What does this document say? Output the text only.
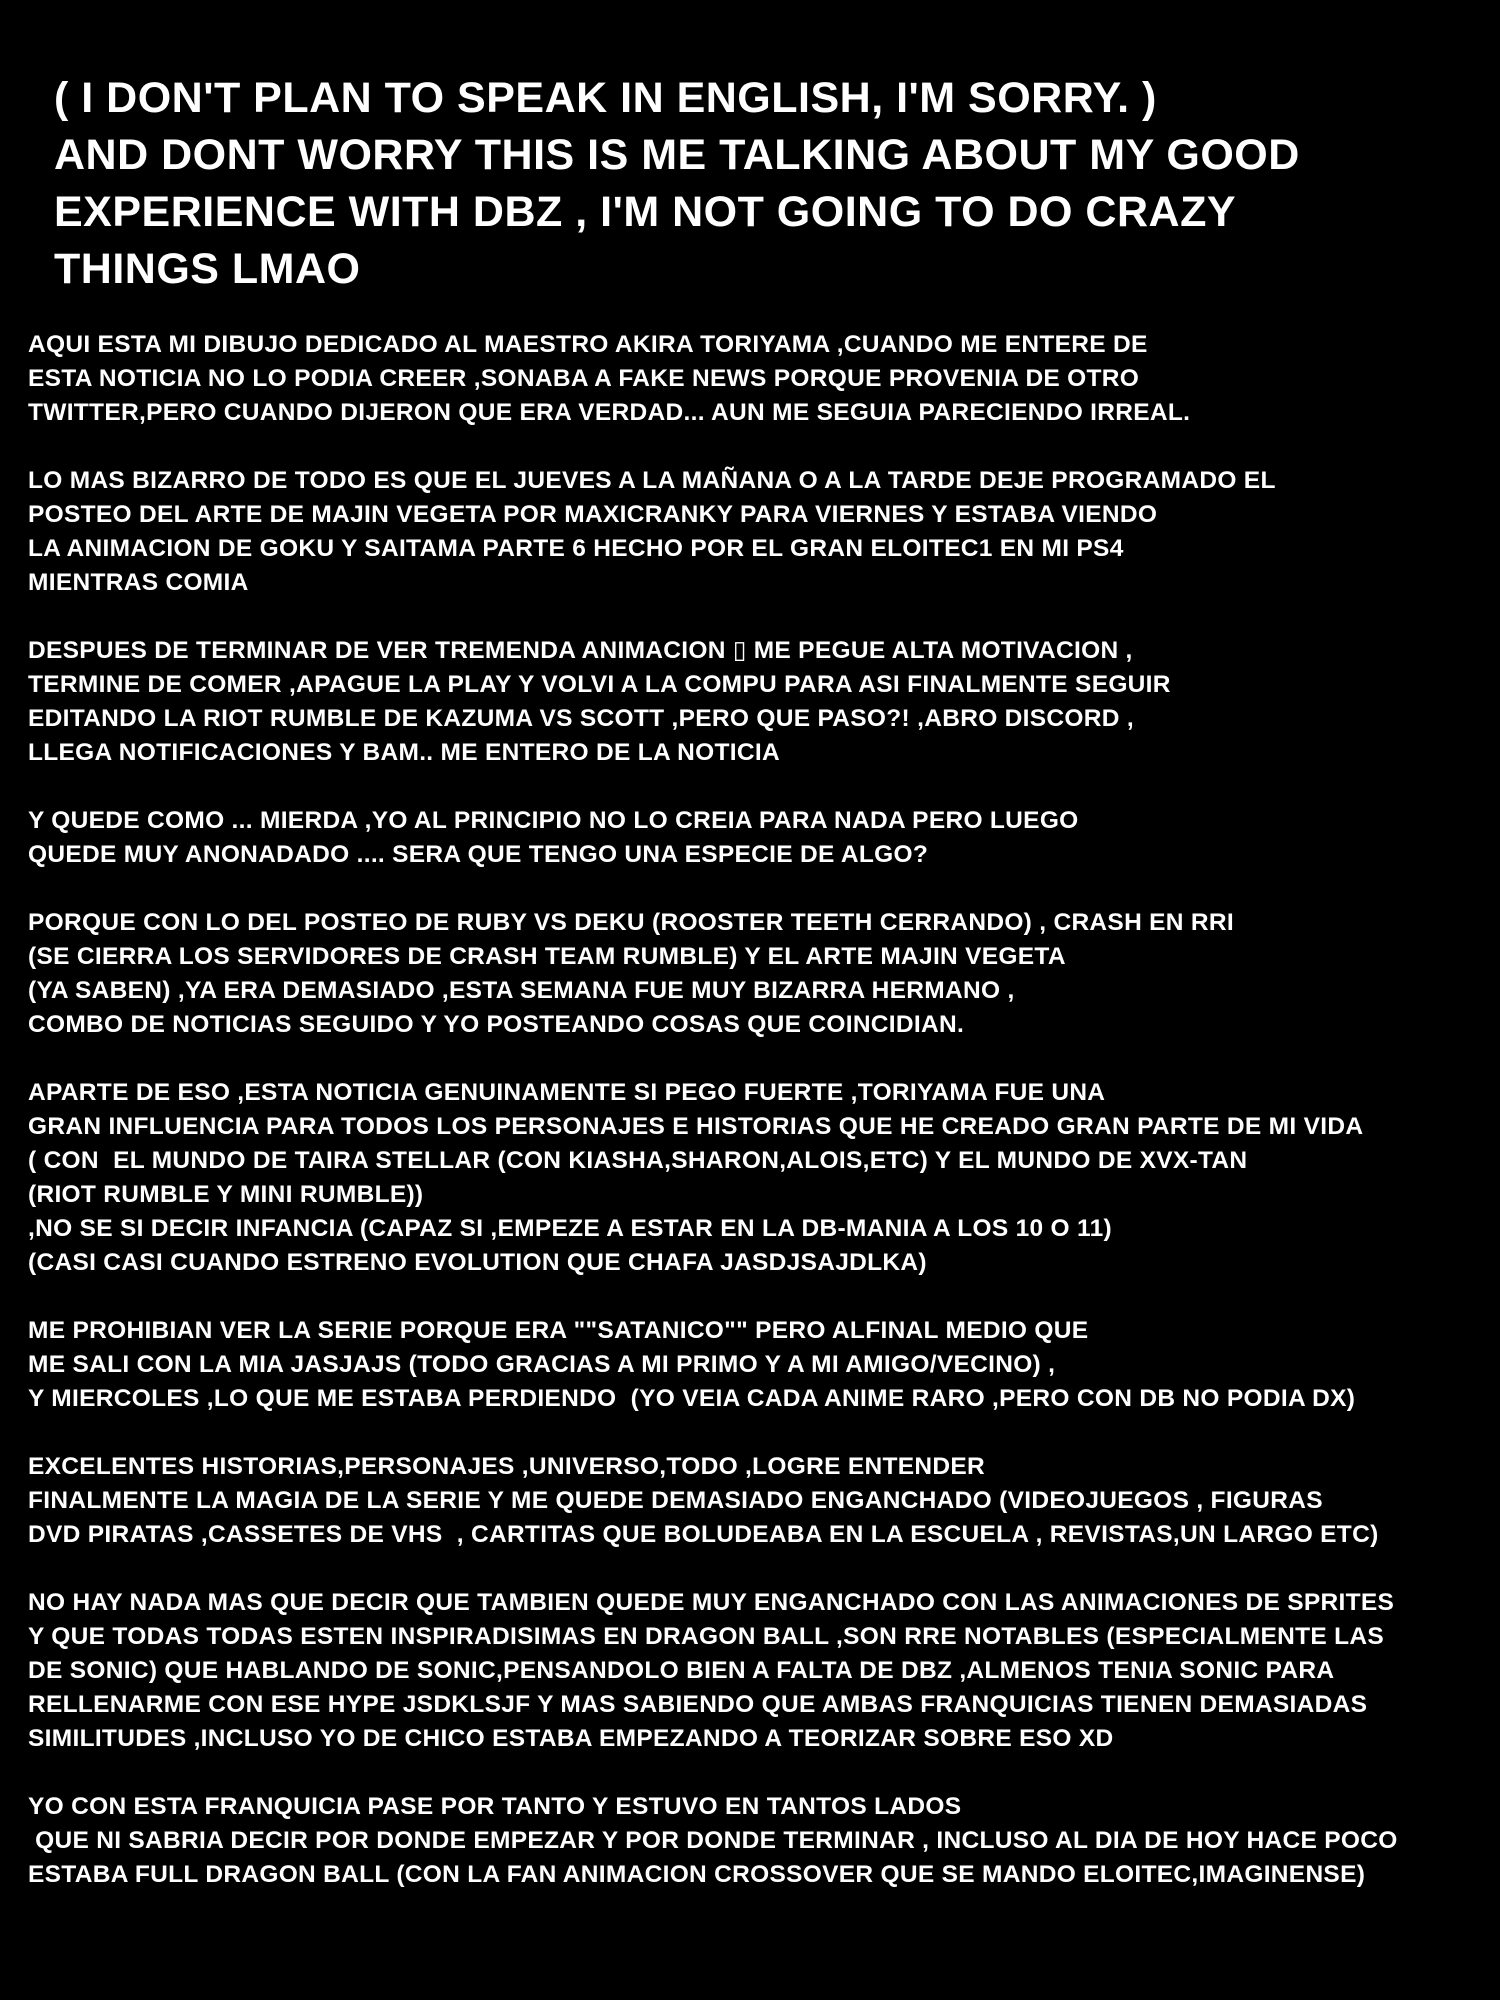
( I DON'T PLAN TO SPEAK IN ENGLISH, I'M SORRY. )
AND DONT WORRY THIS IS ME TALKING ABOUT MY GOOD
EXPERIENCE WITH DBZ , I'M NOT GOING TO DO CRAZY
THINGS LMAO
AQUI ESTA MI DIBUJO DEDICADO AL MAESTRO AKIRA TORIYAMA ,CUANDO ME ENTERE DE
ESTA NOTICIA NO LO PODIA CREER ,SONABA A FAKE NEWS PORQUE PROVENIA DE OTRO
TWITTER,PERO CUANDO DIJERON QUE ERA VERDAD... AUN ME SEGUIA PARECIENDO IRREAL.
LO MAS BIZARRO DE TODO ES QUE EL JUEVES A LA MAÑANA O A LA TARDE DEJE PROGRAMADO EL
POSTEO DEL ARTE DE MAJIN VEGETA POR MAXICRANKY PARA VIERNES Y ESTABA VIENDO
LA ANIMACION DE GOKU Y SAITAMA PARTE 6 HECHO POR EL GRAN ELOITEC1 EN MI PS4
MIENTRAS COMIA
DESPUES DE TERMINAR DE VER TREMENDA ANIMACION ▯ ME PEGUE ALTA MOTIVACION ,
TERMINE DE COMER ,APAGUE LA PLAY Y VOLVI A LA COMPU PARA ASI FINALMENTE SEGUIR
EDITANDO LA RIOT RUMBLE DE KAZUMA VS SCOTT ,PERO QUE PASO?! ,ABRO DISCORD ,
LLEGA NOTIFICACIONES Y BAM.. ME ENTERO DE LA NOTICIA
Y QUEDE COMO ... MIERDA ,YO AL PRINCIPIO NO LO CREIA PARA NADA PERO LUEGO
QUEDE MUY ANONADADO .... SERA QUE TENGO UNA ESPECIE DE ALGO?
PORQUE CON LO DEL POSTEO DE RUBY VS DEKU (ROOSTER TEETH CERRANDO) , CRASH EN RRI
(SE CIERRA LOS SERVIDORES DE CRASH TEAM RUMBLE) Y EL ARTE MAJIN VEGETA
(YA SABEN) ,YA ERA DEMASIADO ,ESTA SEMANA FUE MUY BIZARRA HERMANO ,
COMBO DE NOTICIAS SEGUIDO Y YO POSTEANDO COSAS QUE COINCIDIAN.
APARTE DE ESO ,ESTA NOTICIA GENUINAMENTE SI PEGO FUERTE ,TORIYAMA FUE UNA
GRAN INFLUENCIA PARA TODOS LOS PERSONAJES E HISTORIAS QUE HE CREADO GRAN PARTE DE MI VIDA
( CON  EL MUNDO DE TAIRA STELLAR (CON KIASHA,SHARON,ALOIS,ETC) Y EL MUNDO DE XVX-TAN
(RIOT RUMBLE Y MINI RUMBLE))
,NO SE SI DECIR INFANCIA (CAPAZ SI ,EMPEZE A ESTAR EN LA DB-MANIA A LOS 10 O 11)
(CASI CASI CUANDO ESTRENO EVOLUTION QUE CHAFA JASDJSAJDLKA)
ME PROHIBIAN VER LA SERIE PORQUE ERA ""SATANICO"" PERO ALFINAL MEDIO QUE
ME SALI CON LA MIA JASJAJS (TODO GRACIAS A MI PRIMO Y A MI AMIGO/VECINO) ,
Y MIERCOLES ,LO QUE ME ESTABA PERDIENDO  (YO VEIA CADA ANIME RARO ,PERO CON DB NO PODIA DX)
EXCELENTES HISTORIAS,PERSONAJES ,UNIVERSO,TODO ,LOGRE ENTENDER
FINALMENTE LA MAGIA DE LA SERIE Y ME QUEDE DEMASIADO ENGANCHADO (VIDEOJUEGOS , FIGURAS
DVD PIRATAS ,CASSETES DE VHS  , CARTITAS QUE BOLUDEABA EN LA ESCUELA , REVISTAS,UN LARGO ETC)
NO HAY NADA MAS QUE DECIR QUE TAMBIEN QUEDE MUY ENGANCHADO CON LAS ANIMACIONES DE SPRITES
Y QUE TODAS TODAS ESTEN INSPIRADISIMAS EN DRAGON BALL ,SON RRE NOTABLES (ESPECIALMENTE LAS
DE SONIC) QUE HABLANDO DE SONIC,PENSANDOLO BIEN A FALTA DE DBZ ,ALMENOS TENIA SONIC PARA
RELLENARME CON ESE HYPE JSDKLSJF Y MAS SABIENDO QUE AMBAS FRANQUICIAS TIENEN DEMASIADAS
SIMILITUDES ,INCLUSO YO DE CHICO ESTABA EMPEZANDO A TEORIZAR SOBRE ESO XD
YO CON ESTA FRANQUICIA PASE POR TANTO Y ESTUVO EN TANTOS LADOS
QUE NI SABRIA DECIR POR DONDE EMPEZAR Y POR DONDE TERMINAR , INCLUSO AL DIA DE HOY HACE POCO
ESTABA FULL DRAGON BALL (CON LA FAN ANIMACION CROSSOVER QUE SE MANDO ELOITEC,IMAGINENSE)
